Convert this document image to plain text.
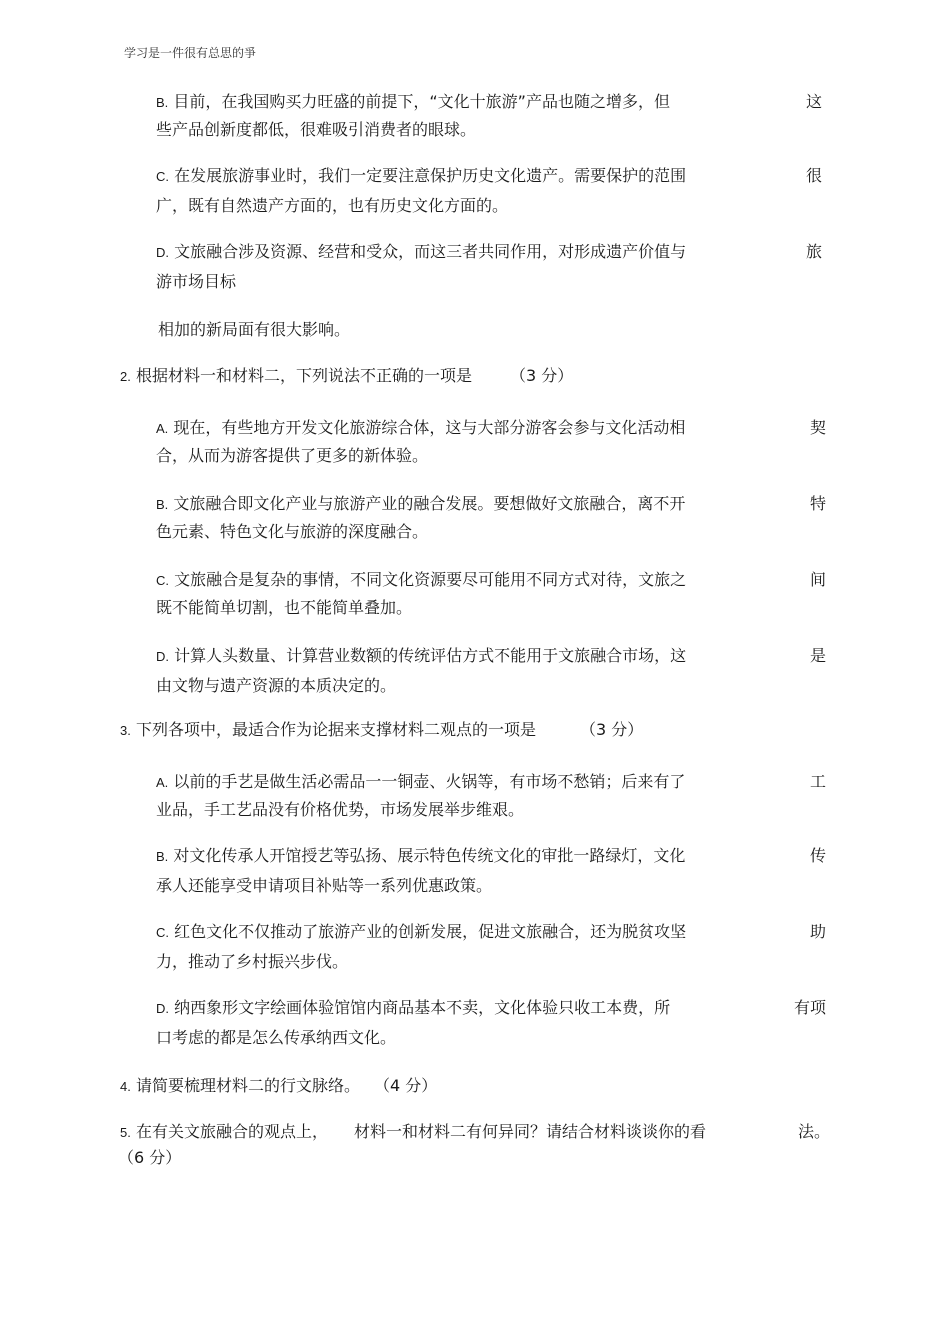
学习是一件很有总思的爭
B. 目前，在我国购买力旺盛的前提下，“文化十旅游”产品也随之增多，但	这
些产品创新度都低，很难吸引消费者的眼球。
C. 在发展旅游事业时，我们一定要注意保护历史文化遗产。需要保护的范围	很
广，既有自然遗产方面的，也有历史文化方面的。
D. 文旅融合涉及资源、经营和受众，而这三者共同作用，对形成遗产价值与	旅
游市场目标
相加的新局面有很大影响。
2. 根据材料一和材料二，下列说法不正确的一项是 （3 分）
A. 现在，有些地方开发文化旅游综合体，这与大部分游客会参与文化活动相	契
合，从而为游客提供了更多的新体验。
B. 文旅融合即文化产业与旅游产业的融合发展。要想做好文旅融合，离不开	特
色元素、特色文化与旅游的深度融合。
C. 文旅融合是复杂的事情，不同文化资源要尽可能用不同方式对待，文旅之	间
既不能简单切割，也不能简单叠加。
D. 计算人头数量、计算营业数额的传统评估方式不能用于文旅融合市场，这	是
由文物与遗产资源的本质决定的。
3. 下列各项中，最适合作为论据来支撑材料二观点的一项是	（3 分）
A. 以前的手艺是做生活必需品一一铜壶、火锅等，有市场不愁销；后来有了	工
业品，手工艺品没有价格优势，市场发展举步维艰。
B. 对文化传承人开馆授艺等弘扬、展示特色传统文化的审批一路绿灯，文化	传
承人还能享受申请项目补贴等一系列优惠政策。
C. 红色文化不仅推动了旅游产业的创新发展，促进文旅融合，还为脱贫攻坚	助
力，推动了乡村振兴步伐。
D. 纳西象形文字绘画体验馆馆内商品基本不卖，文化体验只收工本费，所	有项
口考虑的都是怎么传承纳西文化。
4. 请简要梳理材料二的行文脉络。 （4 分）
5. 在有关文旅融合的观点上， 材料一和材料二有何异同？请结合材料谈谈你的看	法。
（6 分）
